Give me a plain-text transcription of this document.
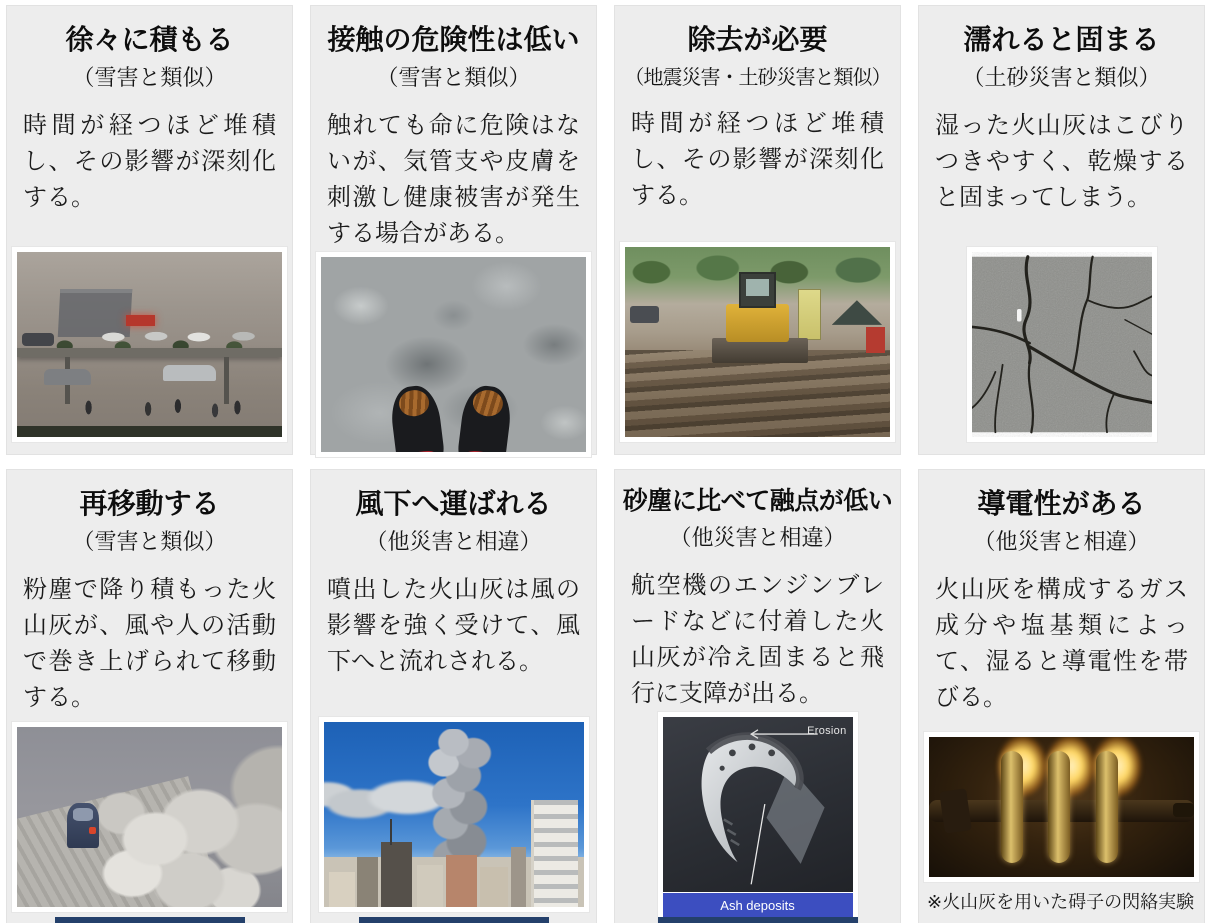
徐々に積もる
（雪害と類似）

時間が経つほど堆積し、その影響が深刻化する。

接触の危険性は低い
（雪害と類似）

触れても命に危険はないが、気管支や皮膚を刺激し健康被害が発生する場合がある。

除去が必要
（地震災害・土砂災害と類似）

時間が経つほど堆積し、その影響が深刻化する。

濡れると固まる
（土砂災害と類似）

湿った火山灰はこびりつきやすく、乾燥すると固まってしまう。

再移動する
（雪害と類似）

粉塵で降り積もった火山灰が、風や人の活動で巻き上げられて移動する。

風下へ運ばれる
（他災害と相違）

噴出した火山灰は風の影響を強く受けて、風下へと流れされる。

砂塵に比べて融点が低い
（他災害と相違）

航空機のエンジンブレードなどに付着した火山灰が冷え固まると飛行に支障が出る。

Erosion
Ash deposits
導電性がある
（他災害と相違）

火山灰を構成するガス成分や塩基類によって、湿ると導電性を帯びる。

※火山灰を用いた碍子の閃絡実験
